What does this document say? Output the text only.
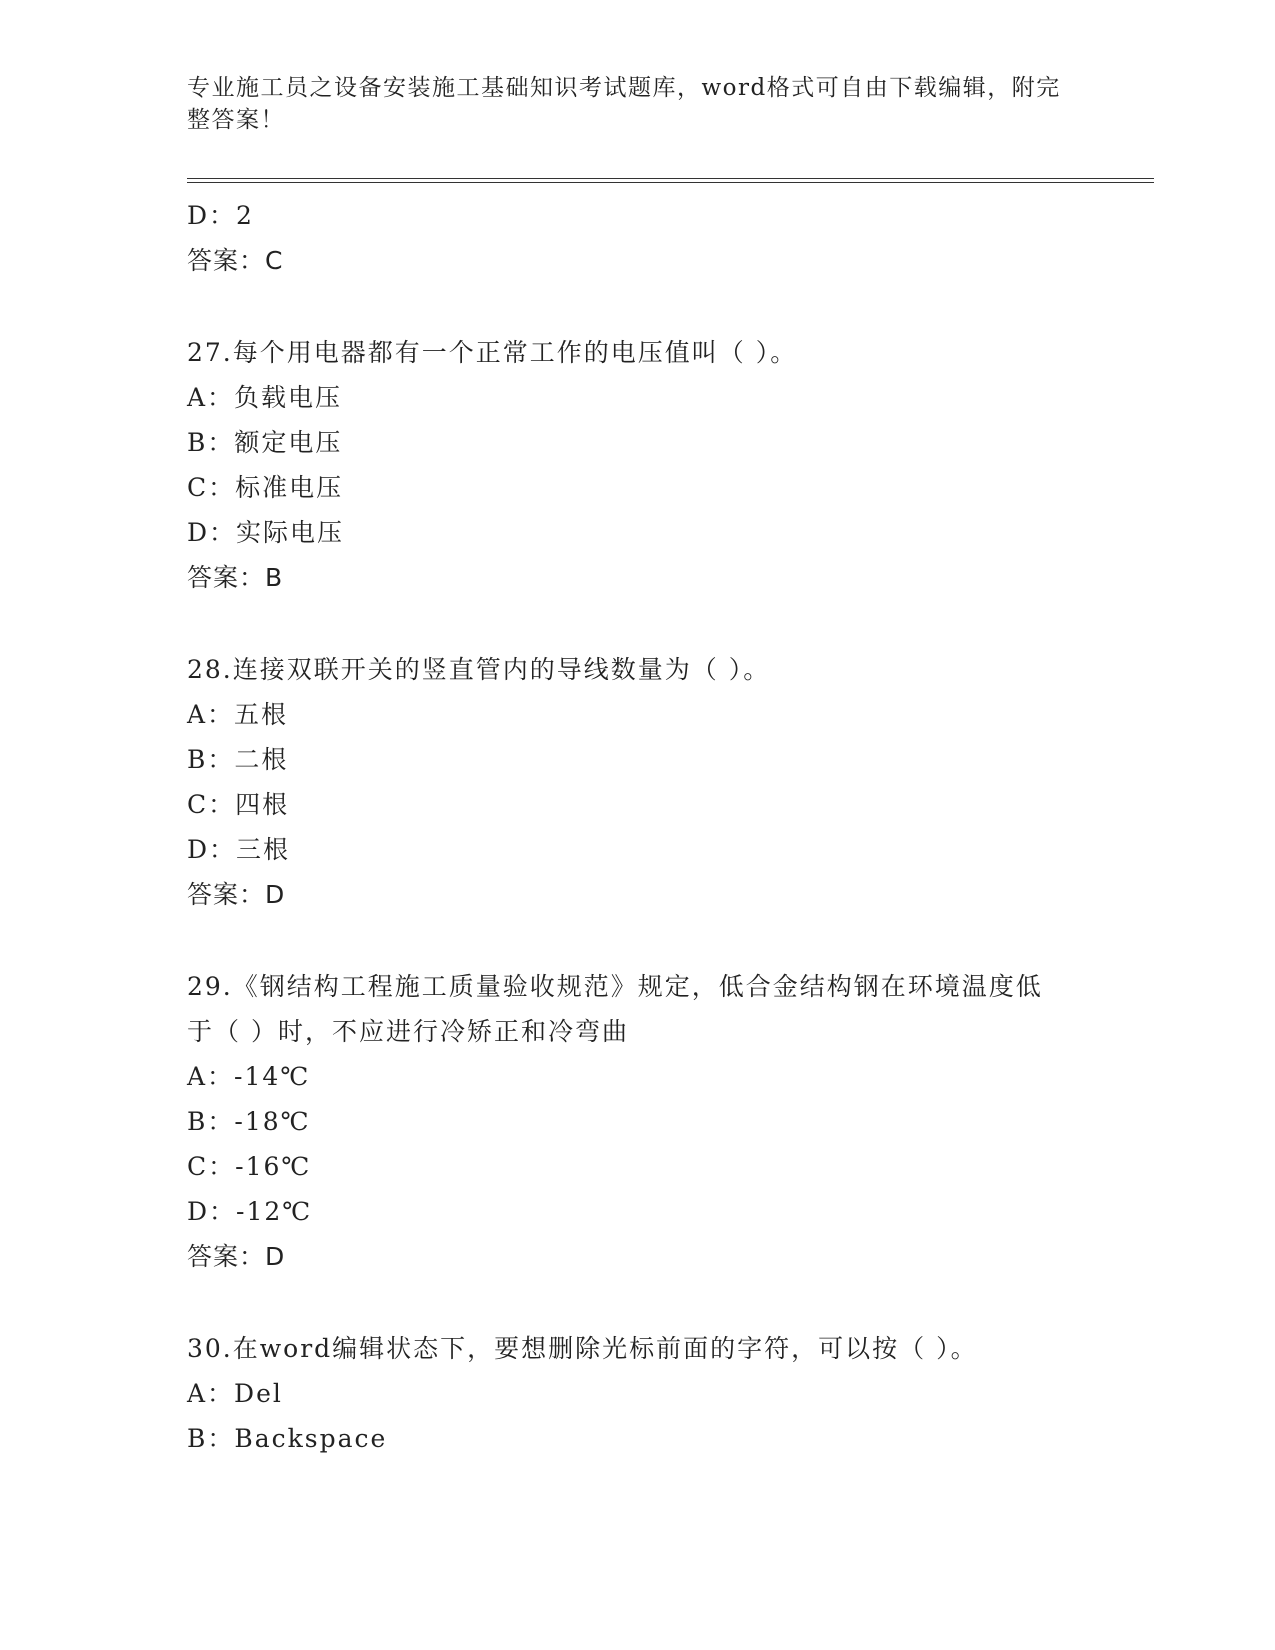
专业施工员之设备安装施工基础知识考试题库，word格式可自由下载编辑，附完
整答案！
D：2
答案：C
27.每个用电器都有一个正常工作的电压值叫（ ）。
A：负载电压
B：额定电压
C：标准电压
D：实际电压
答案：B
28.连接双联开关的竖直管内的导线数量为（ ）。
A：五根
B：二根
C：四根
D：三根
答案：D
29.《钢结构工程施工质量验收规范》规定，低合金结构钢在环境温度低于（ ）时，不应进行冷矫正和冷弯曲
A：-14℃
B：-18℃
C：-16℃
D：-12℃
答案：D
30.在word编辑状态下，要想删除光标前面的字符，可以按（ ）。
A：Del
B：Backspace
